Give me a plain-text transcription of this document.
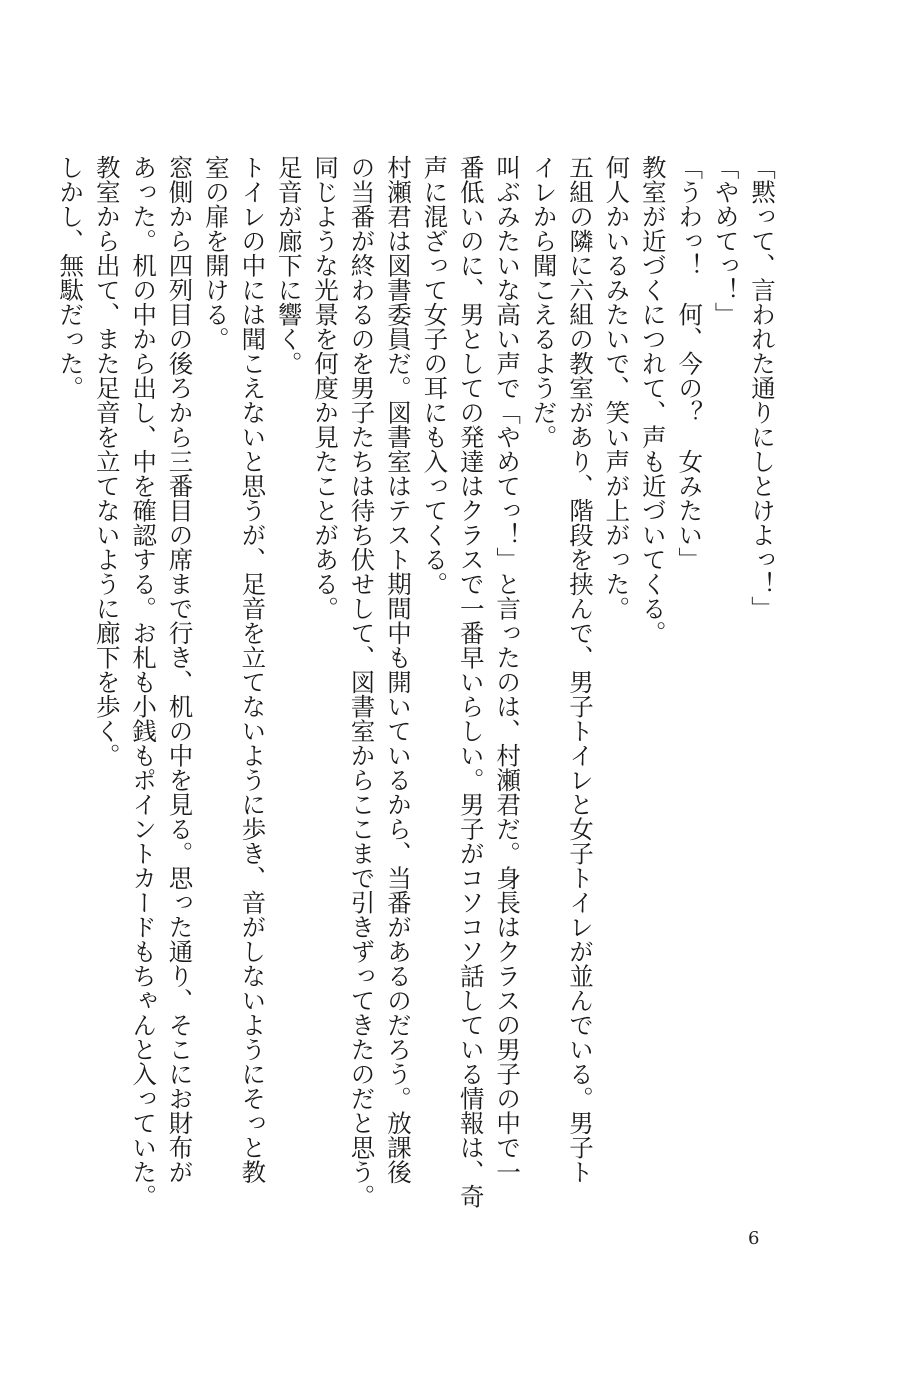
「黙って、言われた通りにしとけよっ！」

「やめてっ！」

「うわっ！　何、今の？　女みたい」

教室が近づくにつれて、声も近づいてくる。

何人かいるみたいで、笑い声が上がった。

五組の隣に六組の教室があり、階段を挟んで、男子トイレと女子トイレが並んでいる。男子ト

イレから聞こえるようだ。

叫ぶみたいな高い声で「やめてっ！」と言ったのは、村瀬君だ。身長はクラスの男子の中で一

番低いのに、男としての発達はクラスで一番早いらしい。男子がコソコソ話している情報は、奇

声に混ざって女子の耳にも入ってくる。

村瀬君は図書委員だ。図書室はテスト期間中も開いているから、当番があるのだろう。放課後

の当番が終わるのを男子たちは待ち伏せして、図書室からここまで引きずってきたのだと思う。

同じような光景を何度か見たことがある。

足音が廊下に響く。

トイレの中には聞こえないと思うが、足音を立てないように歩き、音がしないようにそっと教

室の扉を開ける。

窓側から四列目の後ろから三番目の席まで行き、机の中を見る。思った通り、そこにお財布が

あった。机の中から出し、中を確認する。お札も小銭もポイントカードもちゃんと入っていた。

教室から出て、また足音を立てないように廊下を歩く。

しかし、無駄だった。

6
